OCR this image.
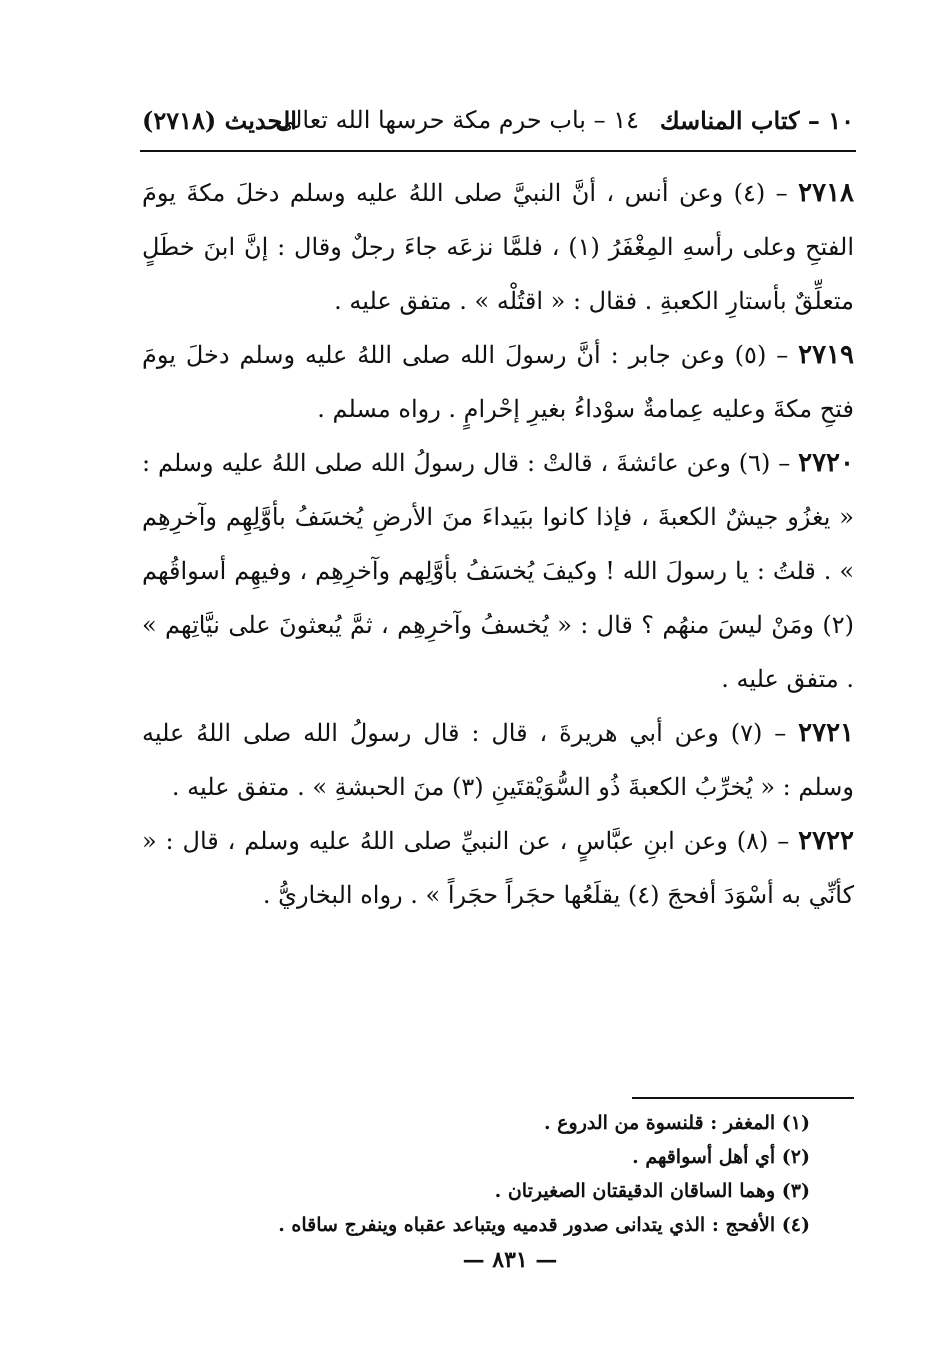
١٠ – كتاب المناسك
١٤ – باب حرم مكة حرسها الله تعالى
الحديث (٢٧١٨)

٢٧١٨ – (٤) وعن أنس ، أنَّ النبيَّ صلى اللهُ عليه وسلم دخلَ مكةَ يومَ الفتحِ وعلى رأسهِ المِغْفَرُ (١) ، فلمَّا نزعَه جاءَ رجلٌ وقال : إنَّ ابنَ خطَلٍ متعلِّقٌ بأستارِ الكعبةِ . فقال : « اقتُلْه » . متفق عليه .

٢٧١٩ – (٥) وعن جابر : أنَّ رسولَ الله صلى اللهُ عليه وسلم دخلَ يومَ فتحِ مكةَ وعليه عِمامةٌ سوْداءُ بغيرِ إحْرامٍ . رواه مسلم .

٢٧٢٠ – (٦) وعن عائشةَ ، قالتْ : قال رسولُ الله صلى اللهُ عليه وسلم : « يغزُو جيشٌ الكعبةَ ، فإذا كانوا ببَيداءَ منَ الأرضِ يُخسَفُ بأوَّلِهِم وآخرِهِم » . قلتُ : يا رسولَ الله ! وكيفَ يُخسَفُ بأوَّلِهم وآخرِهِم ، وفيهِم أسواقُهم (٢) ومَنْ ليسَ منهُم ؟ قال : « يُخسفُ وآخرِهِم ، ثمَّ يُبعثونَ على نيَّاتِهم » . متفق عليه .

٢٧٢١ – (٧) وعن أبي هريرةَ ، قال : قال رسولُ الله صلى اللهُ عليه وسلم : « يُخرِّبُ الكعبةَ ذُو السُّوَيْقتَينِ (٣) منَ الحبشةِ » . متفق عليه .

٢٧٢٢ – (٨) وعن ابنِ عبَّاسٍ ، عن النبيِّ صلى اللهُ عليه وسلم ، قال : « كأنِّي به أسْوَدَ أفحجَ (٤) يقلَعُها حجَراً حجَراً » . رواه البخاريُّ .

(١) المغفر : قلنسوة من الدروع .

(٢) أي أهل أسواقهم .

(٣) وهما الساقان الدقيقتان الصغيرتان .

(٤) الأفحج : الذي يتدانى صدور قدميه ويتباعد عقباه وينفرج ساقاه .

— ٨٣١ —
